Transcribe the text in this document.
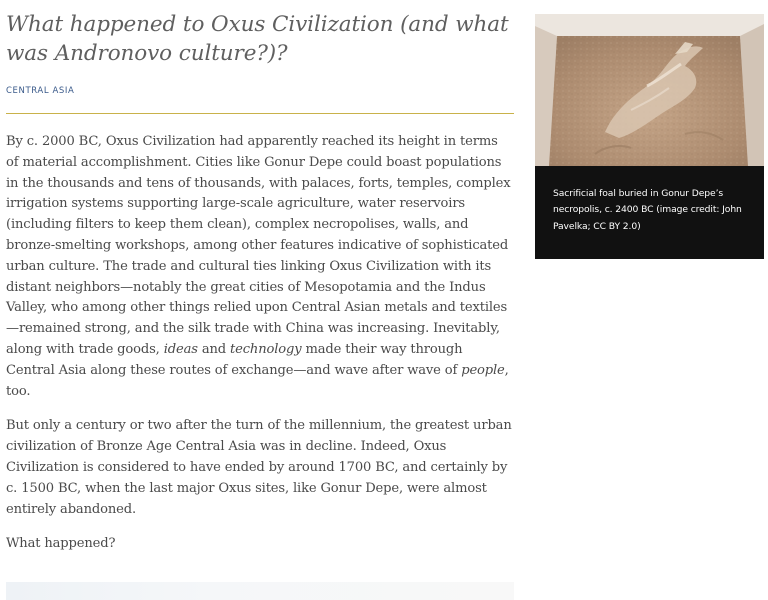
What happened to Oxus Civilization (and what was Andronovo culture?)?
CENTRAL ASIA

By c. 2000 BC, Oxus Civilization had apparently reached its height in terms of material accomplishment. Cities like Gonur Depe could boast populations in the thousands and tens of thousands, with palaces, forts, temples, complex irrigation systems supporting large-scale agriculture, water reservoirs (including filters to keep them clean), complex necropolises, walls, and bronze-smelting workshops, among other features indicative of sophisticated urban culture. The trade and cultural ties linking Oxus Civilization with its distant neighbors—notably the great cities of Mesopotamia and the Indus Valley, who among other things relied upon Central Asian metals and textiles—remained strong, and the silk trade with China was increasing. Inevitably, along with trade goods, ideas and technology made their way through Central Asia along these routes of exchange—and wave after wave of people, too.

But only a century or two after the turn of the millennium, the greatest urban civilization of Bronze Age Central Asia was in decline. Indeed, Oxus Civilization is considered to have ended by around 1700 BC, and certainly by c. 1500 BC, when the last major Oxus sites, like Gonur Depe, were almost entirely abandoned.

What happened?

Sacrificial foal buried in Gonur Depe’s necropolis, c. 2400 BC (image credit: John Pavelka; CC BY 2.0)
